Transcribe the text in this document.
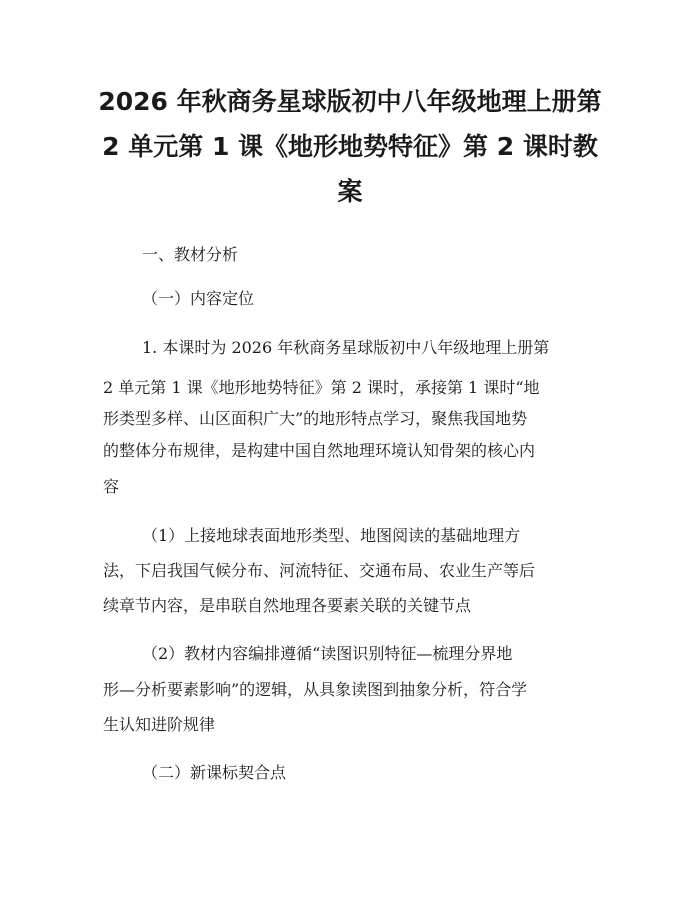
2026 年秋商务星球版初中八年级地理上册第
2 单元第 1 课《地形地势特征》第 2 课时教
案
一、教材分析
（一）内容定位
1. 本课时为 2026 年秋商务星球版初中八年级地理上册第
2 单元第 1 课《地形地势特征》第 2 课时，承接第 1 课时“地
形类型多样、山区面积广大”的地形特点学习，聚焦我国地势
的整体分布规律，是构建中国自然地理环境认知骨架的核心内
容
（1）上接地球表面地形类型、地图阅读的基础地理方
法，下启我国气候分布、河流特征、交通布局、农业生产等后
续章节内容，是串联自然地理各要素关联的关键节点
（2）教材内容编排遵循“读图识别特征—梳理分界地
形—分析要素影响”的逻辑，从具象读图到抽象分析，符合学
生认知进阶规律
（二）新课标契合点
